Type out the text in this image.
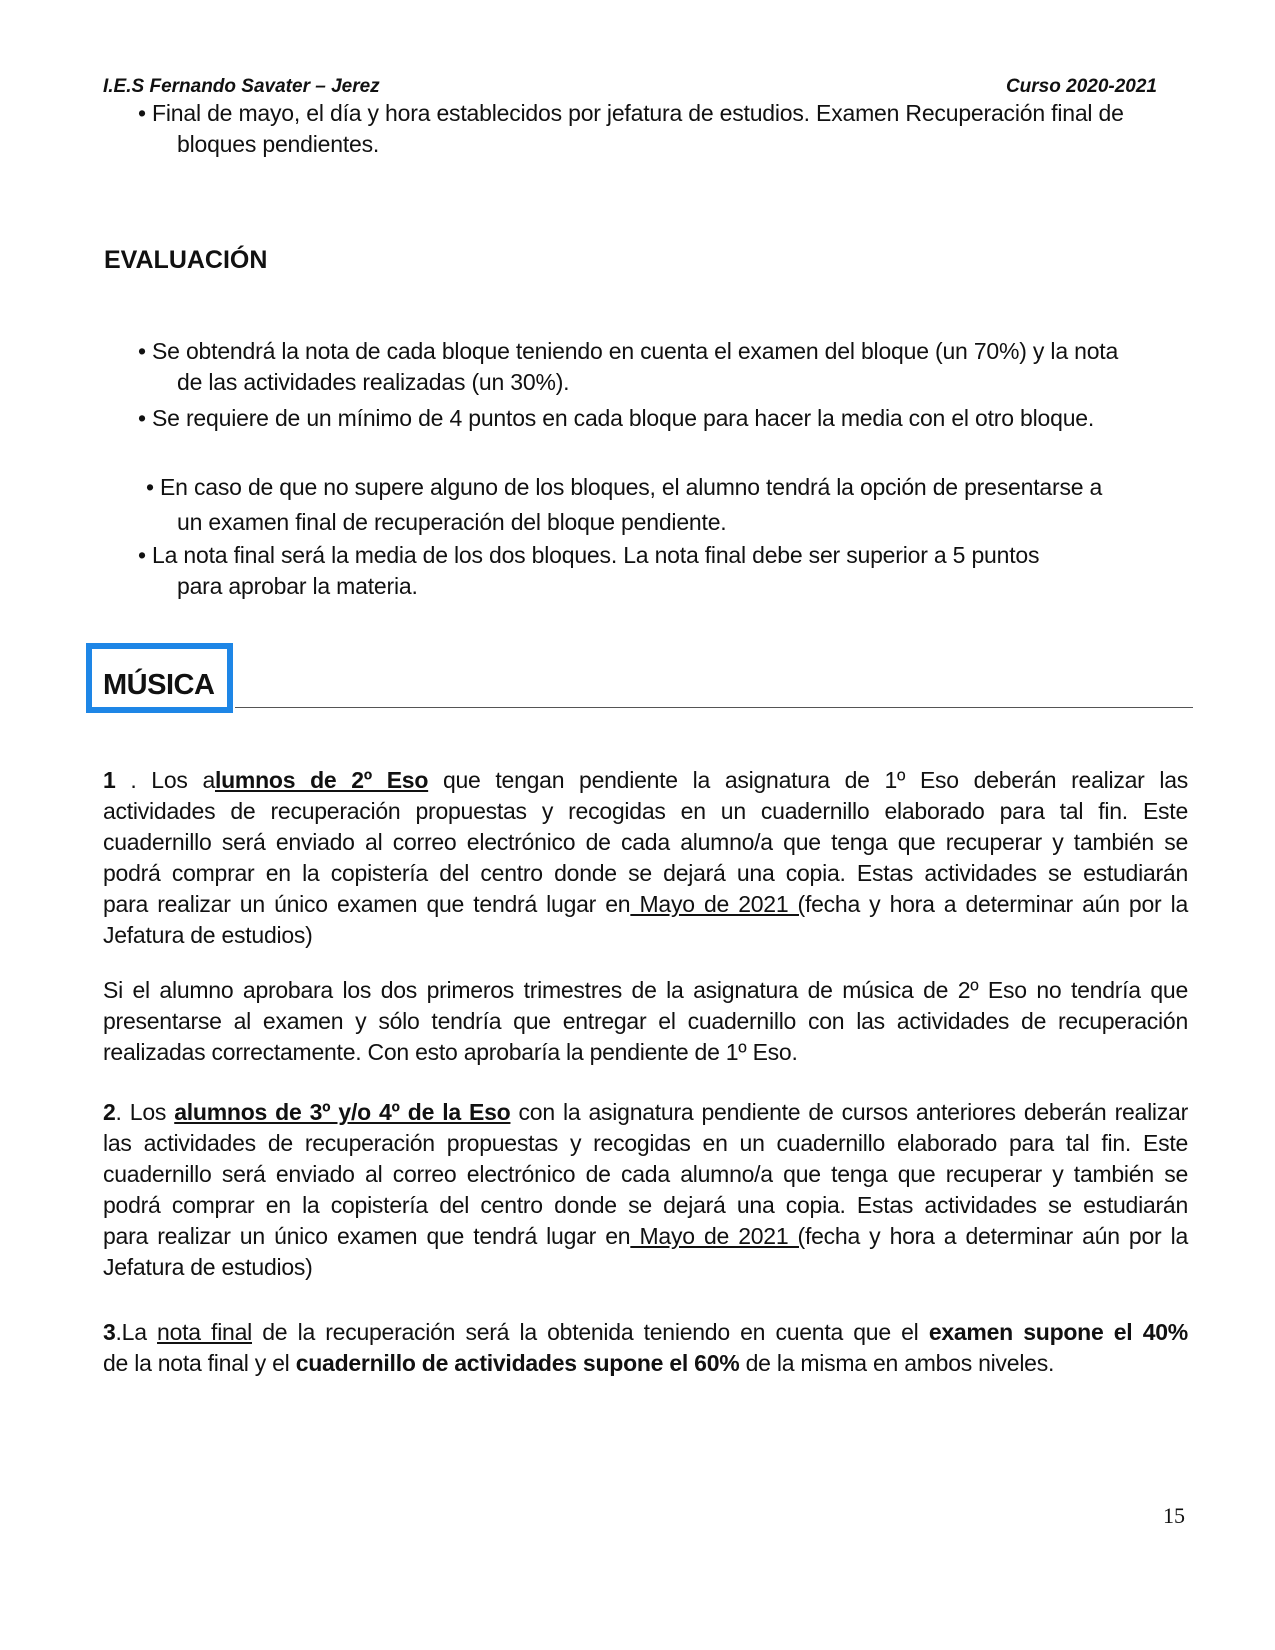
I.E.S Fernando Savater – Jerez	Curso 2020-2021
• Final de mayo, el día y hora establecidos por jefatura de estudios. Examen Recuperación final de
bloques pendientes.
EVALUACIÓN
• Se obtendrá la nota de cada bloque teniendo en cuenta el examen del bloque (un 70%) y la nota
de las actividades realizadas (un 30%).
• Se requiere de un mínimo de 4 puntos en cada bloque para hacer la media con el otro bloque.
• En caso de que no supere alguno de los bloques, el alumno tendrá la opción de presentarse a
un examen final de recuperación del bloque pendiente.
• La nota final será la media de los dos bloques. La nota final debe ser superior a 5 puntos
para aprobar la materia.
MÚSICA
1 . Los alumnos de 2º Eso que tengan pendiente la asignatura de 1º Eso deberán realizar las
actividades de recuperación propuestas y recogidas en un cuadernillo elaborado para tal fin. Este
cuadernillo será enviado al correo electrónico de cada alumno/a que tenga que recuperar y también se
podrá comprar en la copistería del centro donde se dejará una copia. Estas actividades se estudiarán
para realizar un único examen que tendrá lugar en Mayo de 2021 (fecha y hora a determinar aún por la
Jefatura de estudios)
Si el alumno aprobara los dos primeros trimestres de la asignatura de música de 2º Eso no tendría que
presentarse al examen y sólo tendría que entregar el cuadernillo con las actividades de recuperación
realizadas correctamente. Con esto aprobaría la pendiente de 1º Eso.
2. Los alumnos de 3º y/o 4º de la Eso con la asignatura pendiente de cursos anteriores deberán realizar
las actividades de recuperación propuestas y recogidas en un cuadernillo elaborado para tal fin. Este
cuadernillo será enviado al correo electrónico de cada alumno/a que tenga que recuperar y también se
podrá comprar en la copistería del centro donde se dejará una copia. Estas actividades se estudiarán
para realizar un único examen que tendrá lugar en Mayo de 2021 (fecha y hora a determinar aún por la
Jefatura de estudios)
3.La nota final de la recuperación será la obtenida teniendo en cuenta que el examen supone el 40%
de la nota final y el cuadernillo de actividades supone el 60% de la misma en ambos niveles.
15
